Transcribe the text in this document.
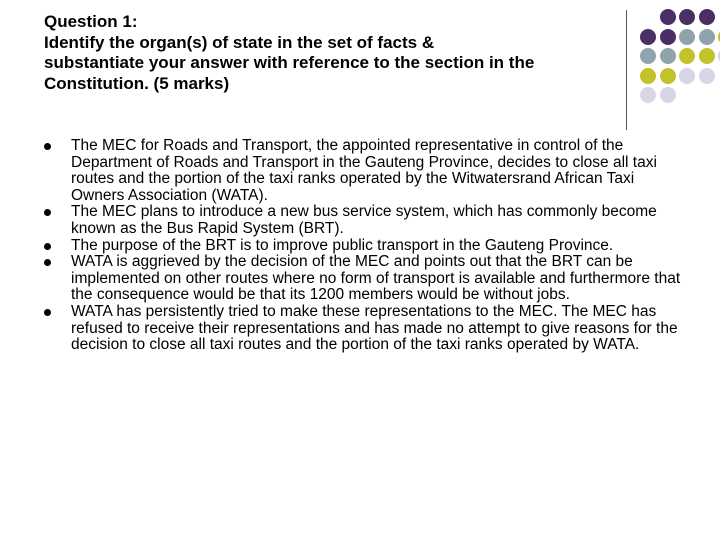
Question 1:
Identify the organ(s) of state in the set of facts &
substantiate your answer with reference to the section in the
Constitution. (5 marks)
The MEC for Roads and Transport, the appointed representative in control of the Department of Roads and Transport in the Gauteng Province, decides to close all taxi routes and the portion of the taxi ranks operated by the Witwatersrand African Taxi Owners Association (WATA).
The MEC plans to introduce a new bus service system, which has commonly become known as the Bus Rapid System (BRT).
The purpose of the BRT is to improve public transport in the Gauteng Province.
WATA is aggrieved by the decision of the MEC and points out that the BRT can be implemented on other routes where no form of transport is available and furthermore that the consequence would be that its 1200 members would be without jobs.
WATA has persistently tried to make these representations to the MEC. The MEC has refused to receive their representations and has made no attempt to give reasons for the decision to close all taxi routes and the portion of the taxi ranks operated by WATA.
